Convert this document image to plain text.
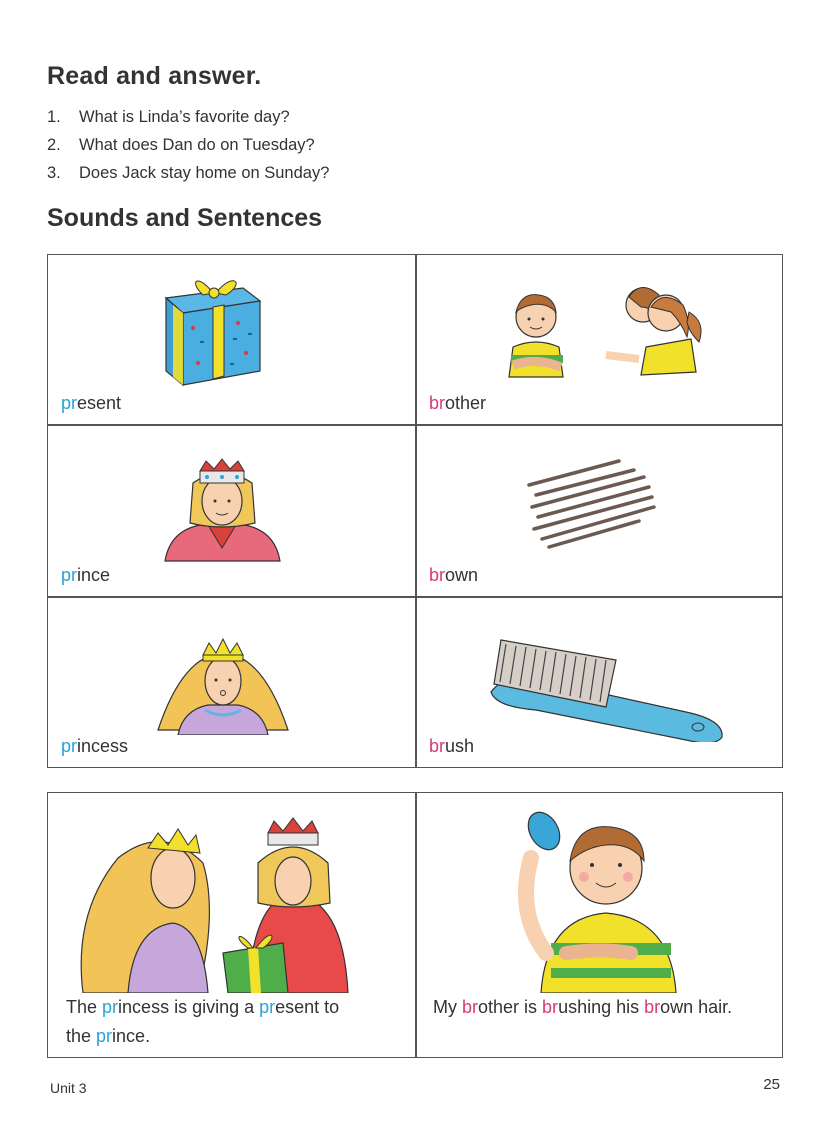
Read and answer.
1.	What is Linda’s favorite day?
2.	What does Dan do on Tuesday?
3.	Does Jack stay home on Sunday?
Sounds and Sentences
present	brother
prince	brown
princess	brush
The princess is giving a present to
the prince.
My brother is brushing his brown hair.
Unit 3	25
